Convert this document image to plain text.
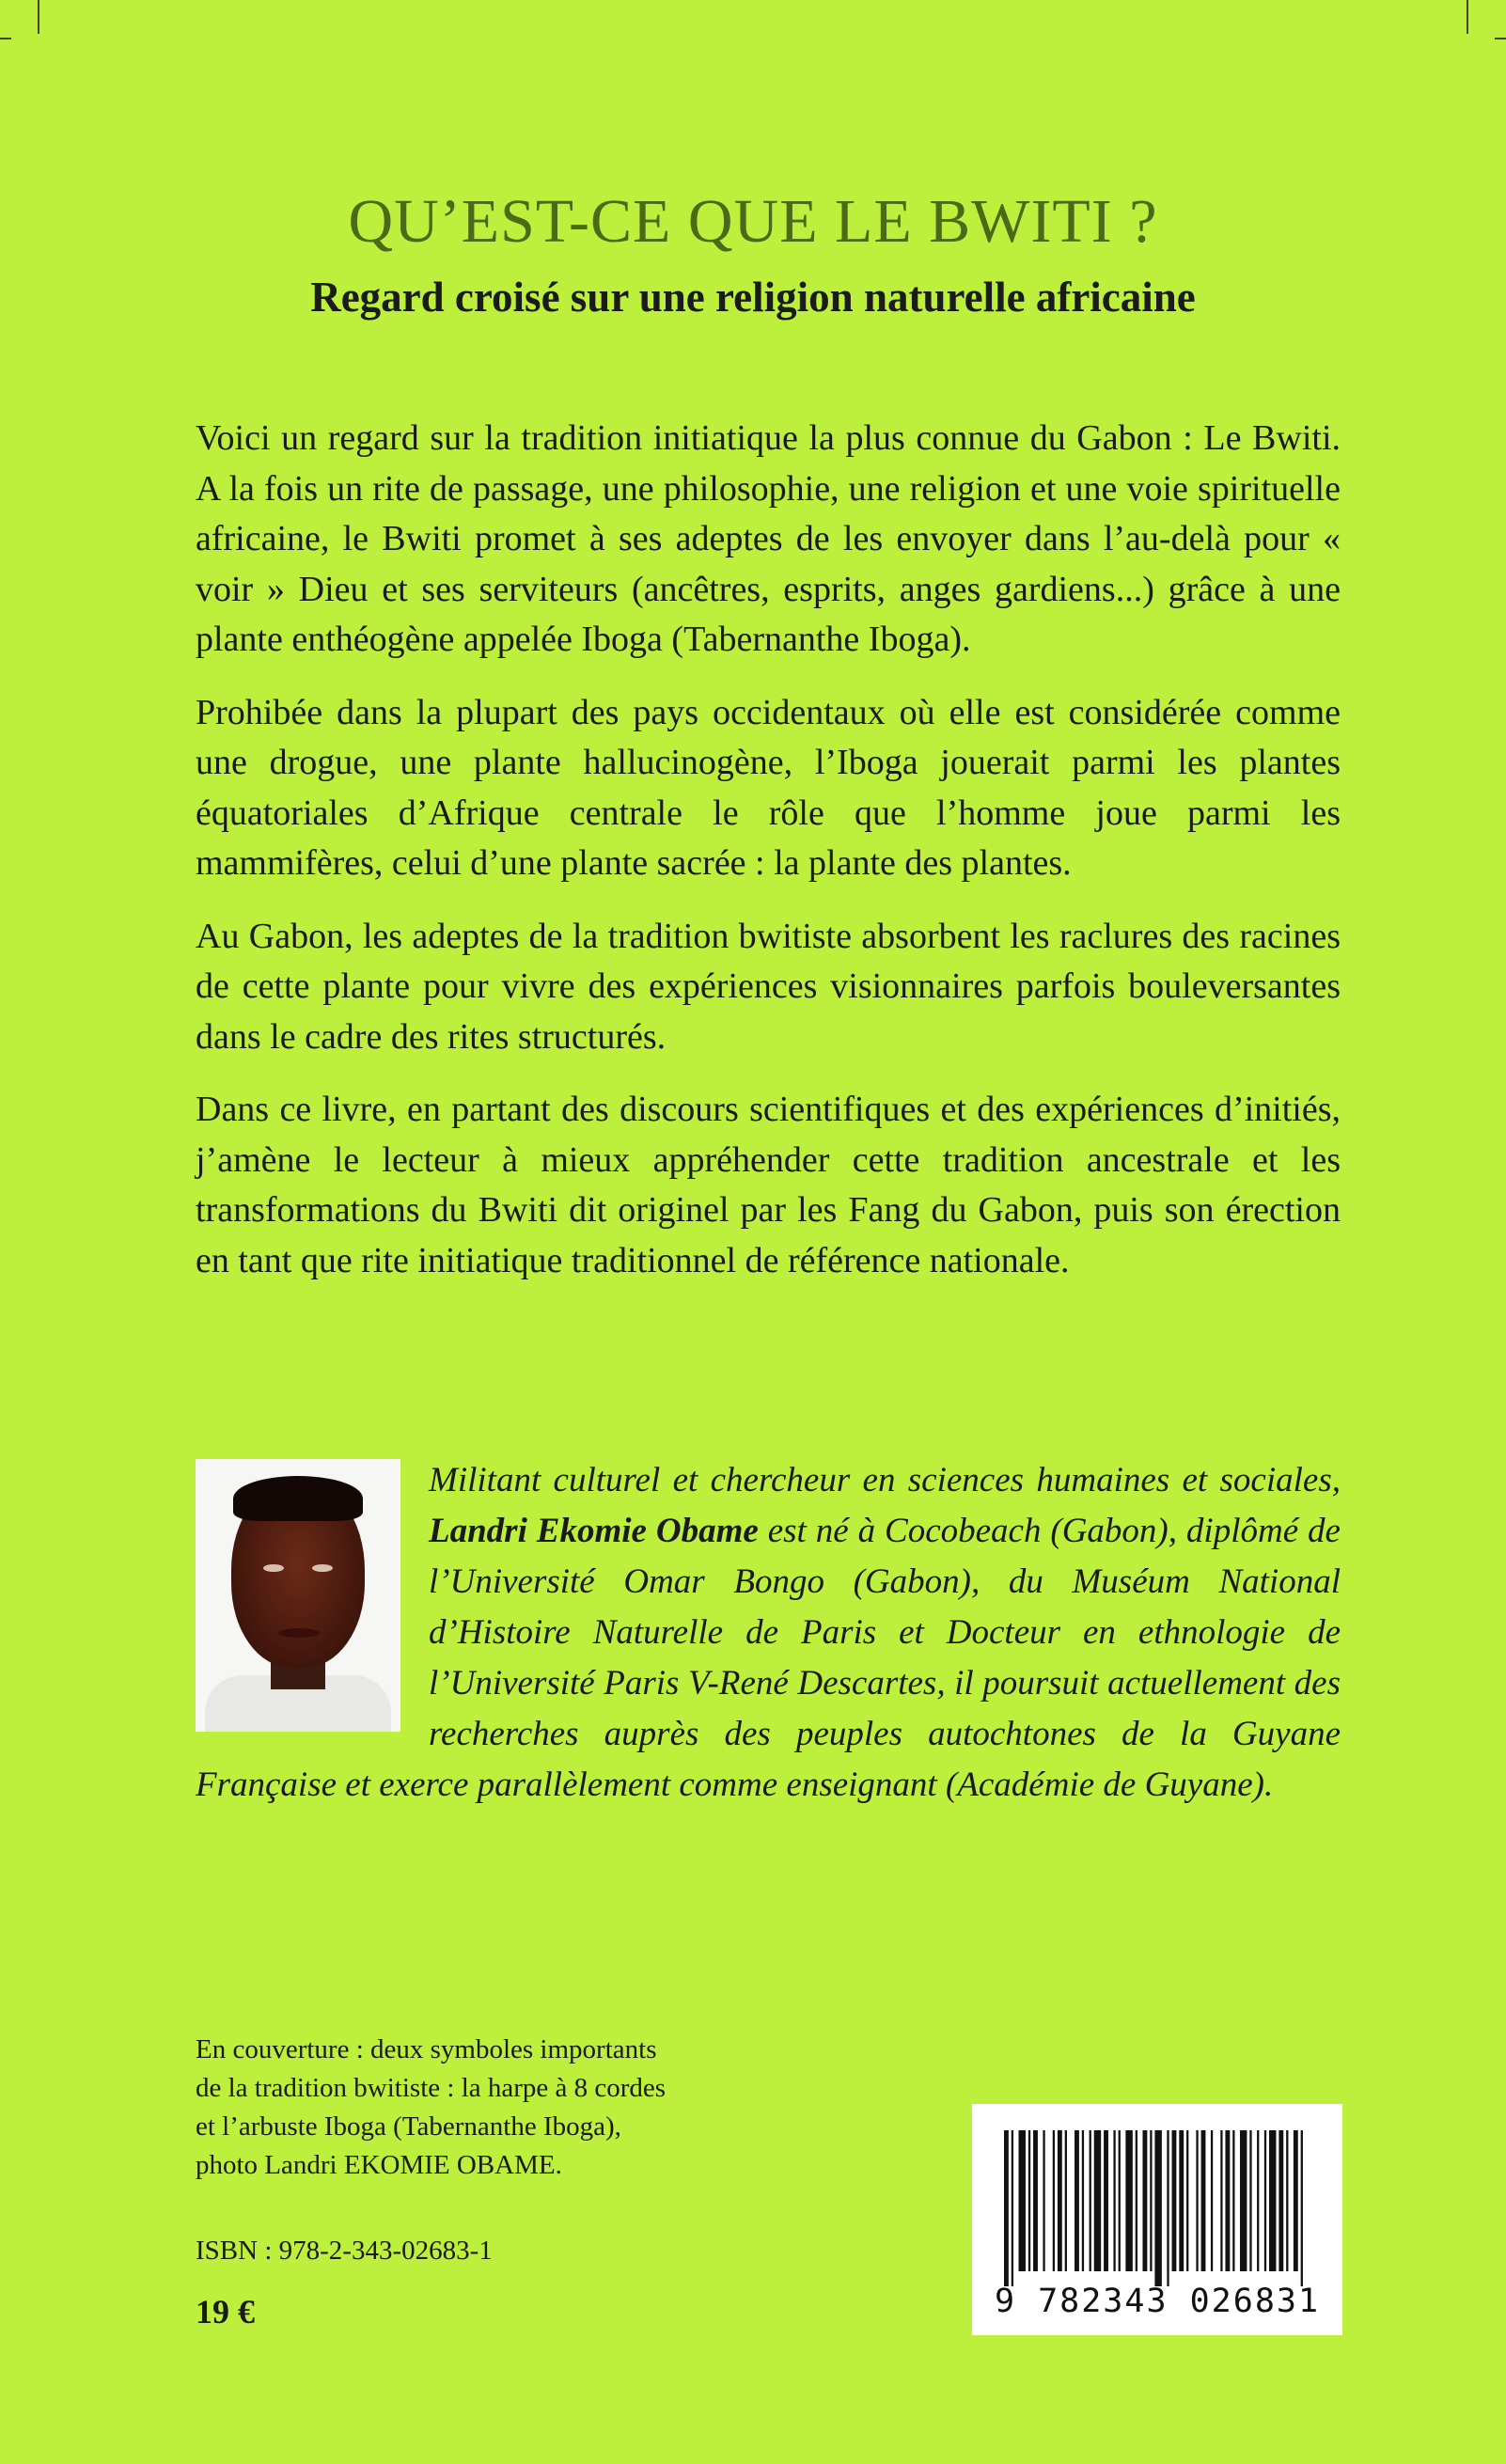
QU’EST-CE QUE LE BWITI ?
Regard croisé sur une religion naturelle africaine

Voici un regard sur la tradition initiatique la plus connue du Gabon : Le Bwiti. A la fois un rite de passage, une philosophie, une religion et une voie spirituelle africaine, le Bwiti promet à ses adeptes de les envoyer dans l’au-delà pour « voir » Dieu et ses serviteurs (ancêtres, esprits, anges gardiens...) grâce à une plante enthéogène appelée Iboga (Tabernanthe Iboga).

Prohibée dans la plupart des pays occidentaux où elle est considérée comme une drogue, une plante hallucinogène, l’Iboga jouerait parmi les plantes équatoriales d’Afrique centrale le rôle que l’homme joue parmi les mammifères, celui d’une plante sacrée : la plante des plantes.

Au Gabon, les adeptes de la tradition bwitiste absorbent les raclures des racines de cette plante pour vivre des expériences visionnaires parfois bouleversantes dans le cadre des rites structurés.

Dans ce livre, en partant des discours scientifiques et des expériences d’initiés, j’amène le lecteur à mieux appréhender cette tradition ancestrale et les transformations du Bwiti dit originel par les Fang du Gabon, puis son érection en tant que rite initiatique traditionnel de référence nationale.

Militant culturel et chercheur en sciences humaines et sociales, Landri Ekomie Obame est né à Cocobeach (Gabon), diplômé de l’Université Omar Bongo (Gabon), du Muséum National d’Histoire Naturelle de Paris et Docteur en ethnologie de l’Université Paris V-René Descartes, il poursuit actuellement des recherches auprès des peuples autochtones de la Guyane Française et exerce parallèlement comme enseignant (Académie de Guyane).
En couverture : deux symboles importants
de la tradition bwitiste : la harpe à 8 cordes
et l’arbuste Iboga (Tabernanthe Iboga),
photo Landri EKOMIE OBAME.
ISBN : 978-2-343-02683-1
19 €	9 782343 026831
